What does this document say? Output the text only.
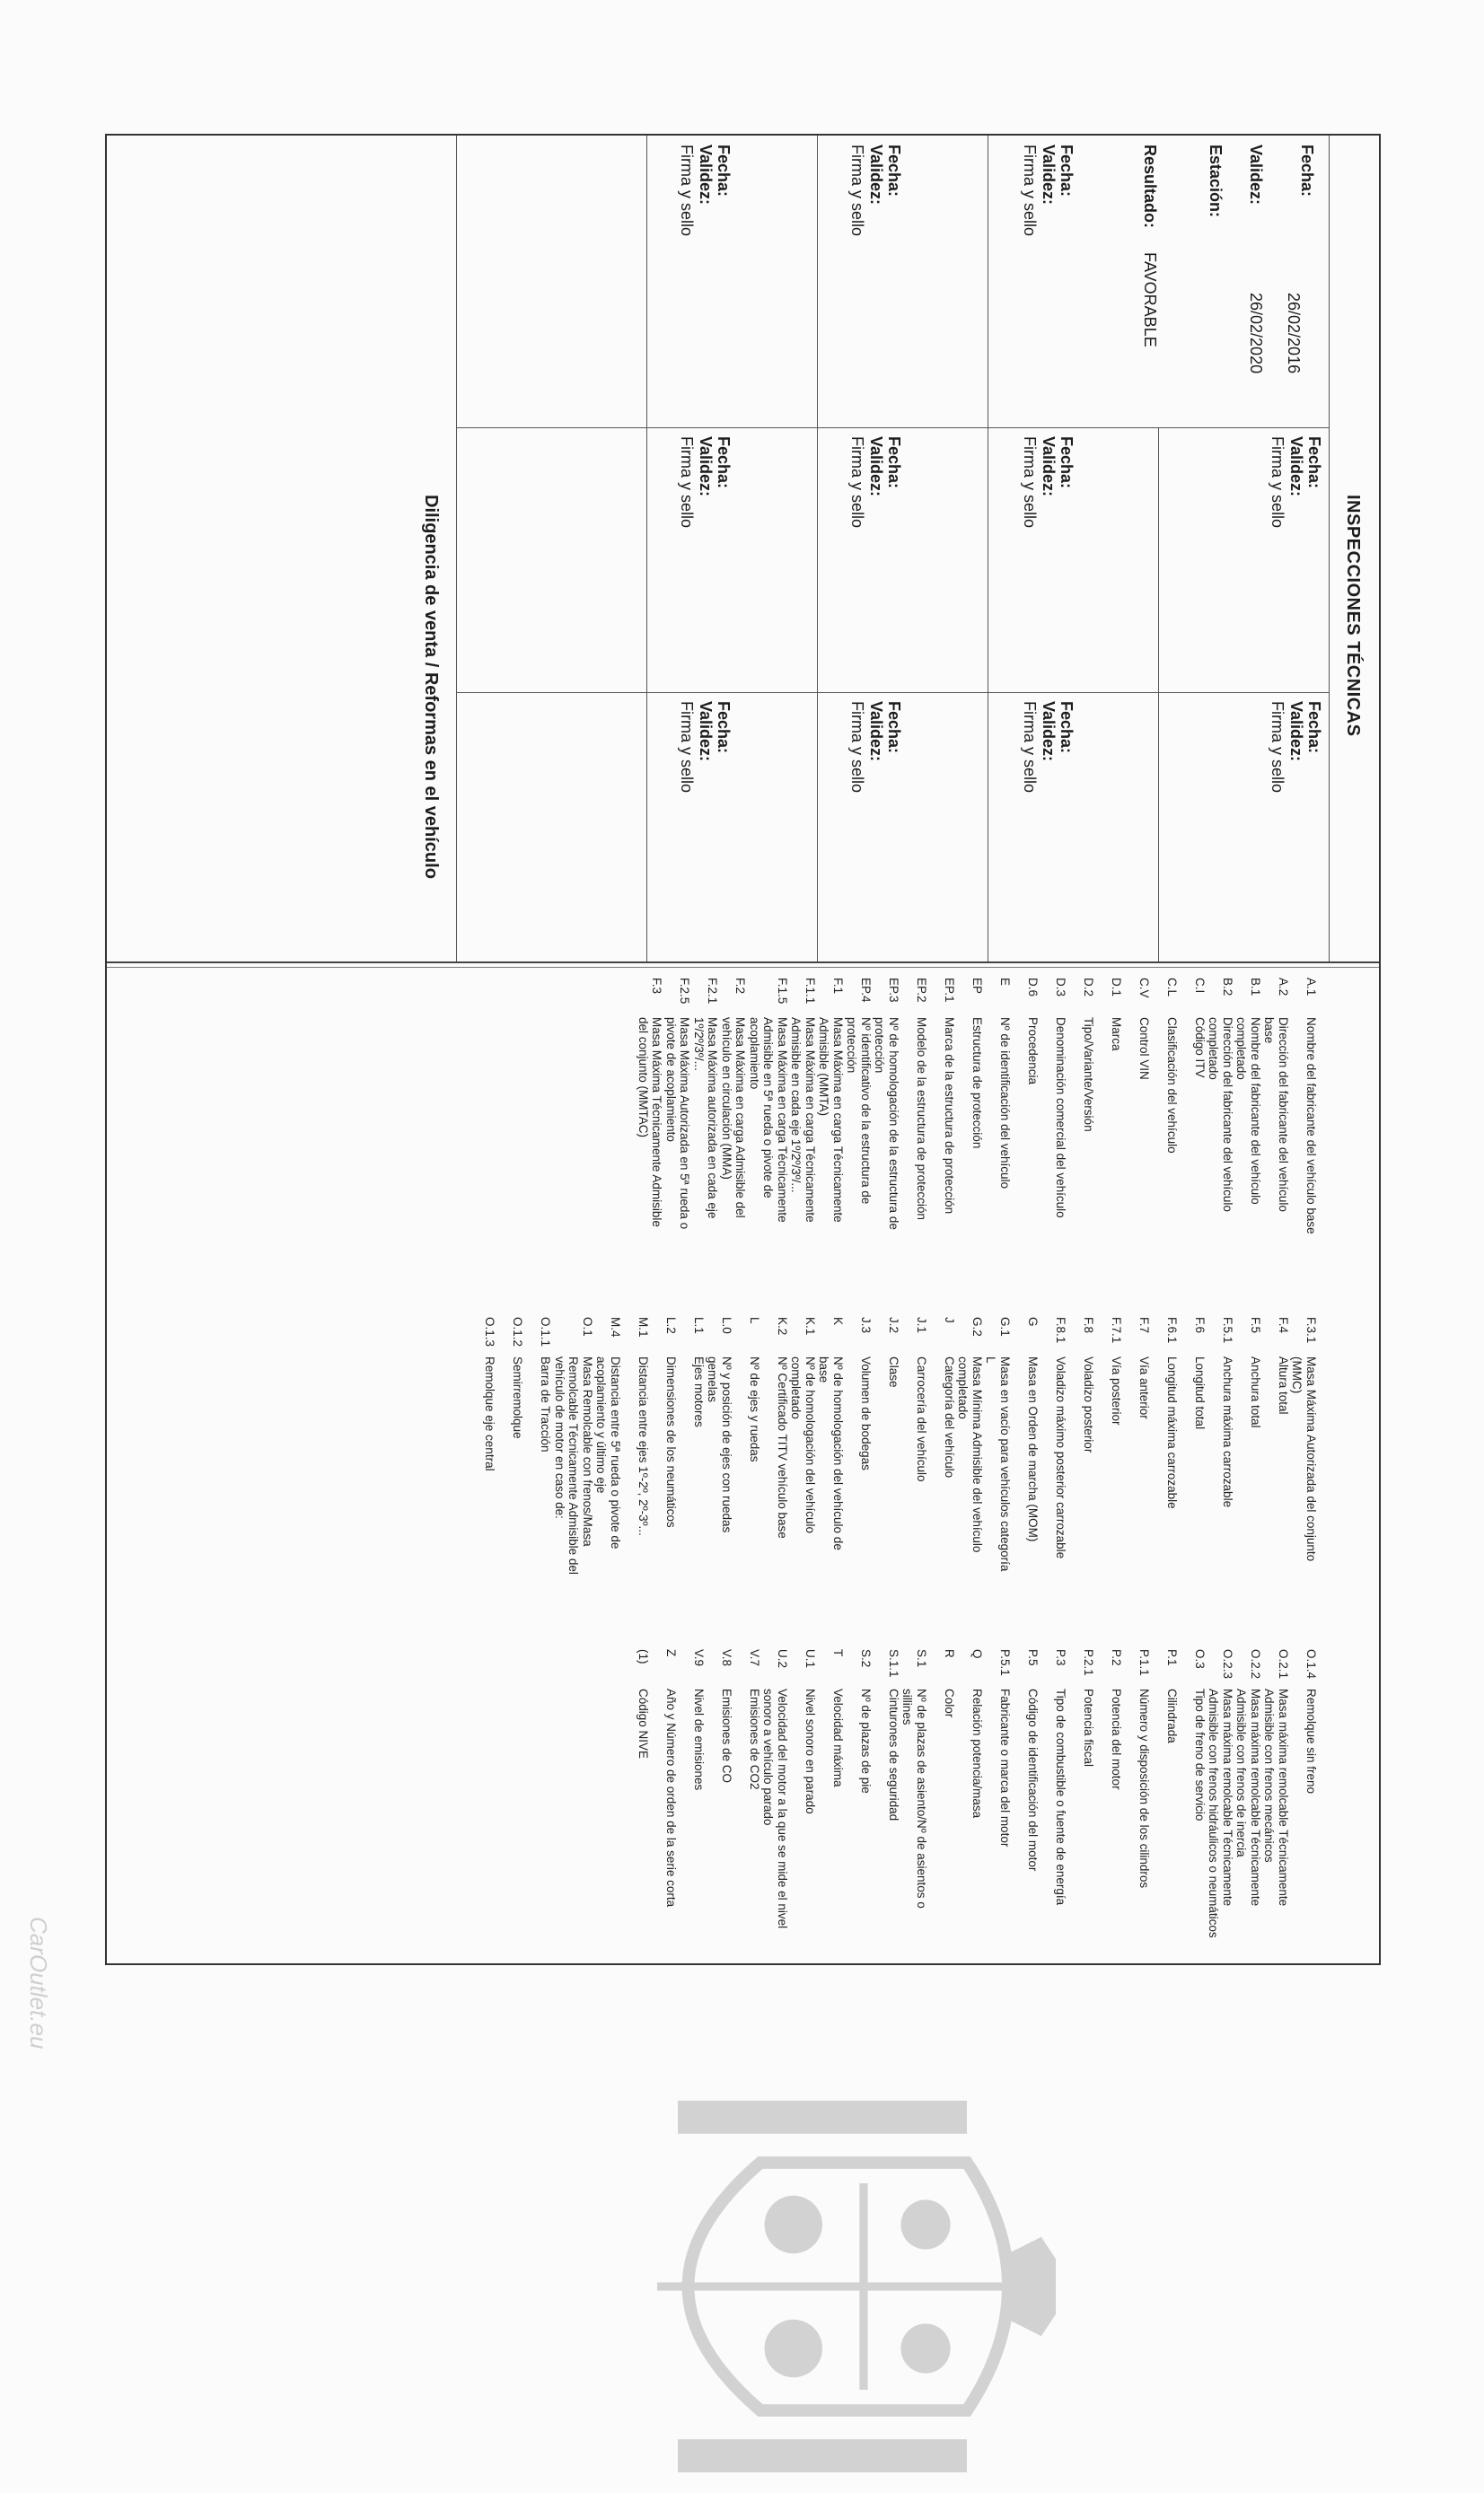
INSPECCIONES TÉCNICAS
Fecha:
26/02/2016
Validez:
26/02/2020
Estación:
Resultado:
FAVORABLE
Fecha:
Validez:
Firma y sello
Fecha:
Validez:
Firma y sello
Fecha:
Validez:
Firma y sello
Fecha:
Validez:
Firma y sello
Fecha:
Validez:
Firma y sello
Fecha:
Validez:
Firma y sello
Fecha:
Validez:
Firma y sello
Fecha:
Validez:
Firma y sello
Fecha:
Validez:
Firma y sello
Fecha:
Validez:
Firma y sello
Fecha:
Validez:
Firma y sello
Diligencia de venta / Reformas en el vehículo
A.1
Nombre del fabricante del vehículo base
A.2
Dirección del fabricante del vehículo base
B.1
Nombre del fabricante del vehículo completado
B.2
Dirección del fabricante del vehículo completado
C.I
Código ITV
C.L
Clasificación del vehículo
C.V
Control VIN
D.1
Marca
D.2
Tipo/Variante/Versión
D.3
Denominación comercial del vehículo
D.6
Procedencia
E
Nº de identificación del vehículo
EP
Estructura de protección
EP.1
Marca de la estructura de protección
EP.2
Modelo de la estructura de protección
EP.3
Nº de homologación de la estructura de protección
EP.4
Nº identificativo de la estructura de protección
F.1
Masa Máxima en carga Técnicamente Admisible (MMTA)
F.1.1
Masa Máxima en carga Técnicamente Admisible en cada eje 1º/2º/3º/...
F.1.5
Masa Máxima en carga Técnicamente Admisible en 5ª rueda o pivote de acoplamiento
F.2
Masa Máxima en carga Admisible del vehículo en circulación (MMA)
F.2.1
Masa Máxima autorizada en cada eje 1º/2º/3º/...
F.2.5
Masa Máxima Autorizada en 5ª rueda o pivote de acoplamiento
F.3
Masa Máxima Técnicamente Admisible del conjunto (MMTAC)
F.3.1
Masa Máxima Autorizada del conjunto (MMC)
F.4
Altura total
F.5
Anchura total
F.5.1
Anchura máxima carrozable
F.6
Longitud total
F.6.1
Longitud máxima carrozable
F.7
Vía anterior
F.7.1
Vía posterior
F.8
Voladizo posterior
F.8.1
Voladizo máximo posterior carrozable
G
Masa en Orden de marcha (MOM)
G.1
Masa en vacío para vehículos categoría L
G.2
Masa Mínima Admisible del vehículo completado
J
Categoría del vehículo
J.1
Carrocería del vehículo
J.2
Clase
J.3
Volumen de bodegas
K
Nº de homologación del vehículo de base
K.1
Nº de homologación del vehículo completado
K.2
Nº Certificado TITV vehículo base
L
Nº de ejes y ruedas
L.0
Nº y posición de ejes con ruedas gemelas
L.1
Ejes motores
L.2
Dimensiones de los neumáticos
M.1
Distancia entre ejes 1º-2º, 2º-3º...
M.4
Distancia entre 5ª rueda o pivote de acoplamiento y último eje
O.1
Masa Remolcable con frenos/Masa Remolcable Técnicamente Admisible del vehículo de motor en caso de:
O.1.1
Barra de Tracción
O.1.2
Semirremolque
O.1.3
Remolque eje central
O.1.4
Remolque sin freno
O.2.1
Masa máxima remolcable Técnicamente Admisible con frenos mecánicos
O.2.2
Masa máxima remolcable Técnicamente Admisible con frenos de inercia
O.2.3
Masa máxima remolcable Técnicamente Admisible con frenos hidráulicos o neumáticos
O.3
Tipo de freno de servicio
P.1
Cilindrada
P.1.1
Número y disposición de los cilindros
P.2
Potencia del motor
P.2.1
Potencia fiscal
P.3
Tipo de combustible o fuente de energía
P.5
Código de identificación del motor
P.5.1
Fabricante o marca del motor
Q
Relación potencia/masa
R
Color
S.1
Nº de plazas de asiento/Nº de asientos o sillines
S.1.1
Cinturones de seguridad
S.2
Nº de plazas de pie
T
Velocidad máxima
U.1
Nivel sonoro en parado
U.2
Velocidad del motor a la que se mide el nivel sonoro a vehículo parado
V.7
Emisiones de CO2
V.8
Emisiones de CO
V.9
Nivel de emisiones
Z
Año y Número de orden de la serie corta
(1)
Código NIVE
CarOutlet.eu
